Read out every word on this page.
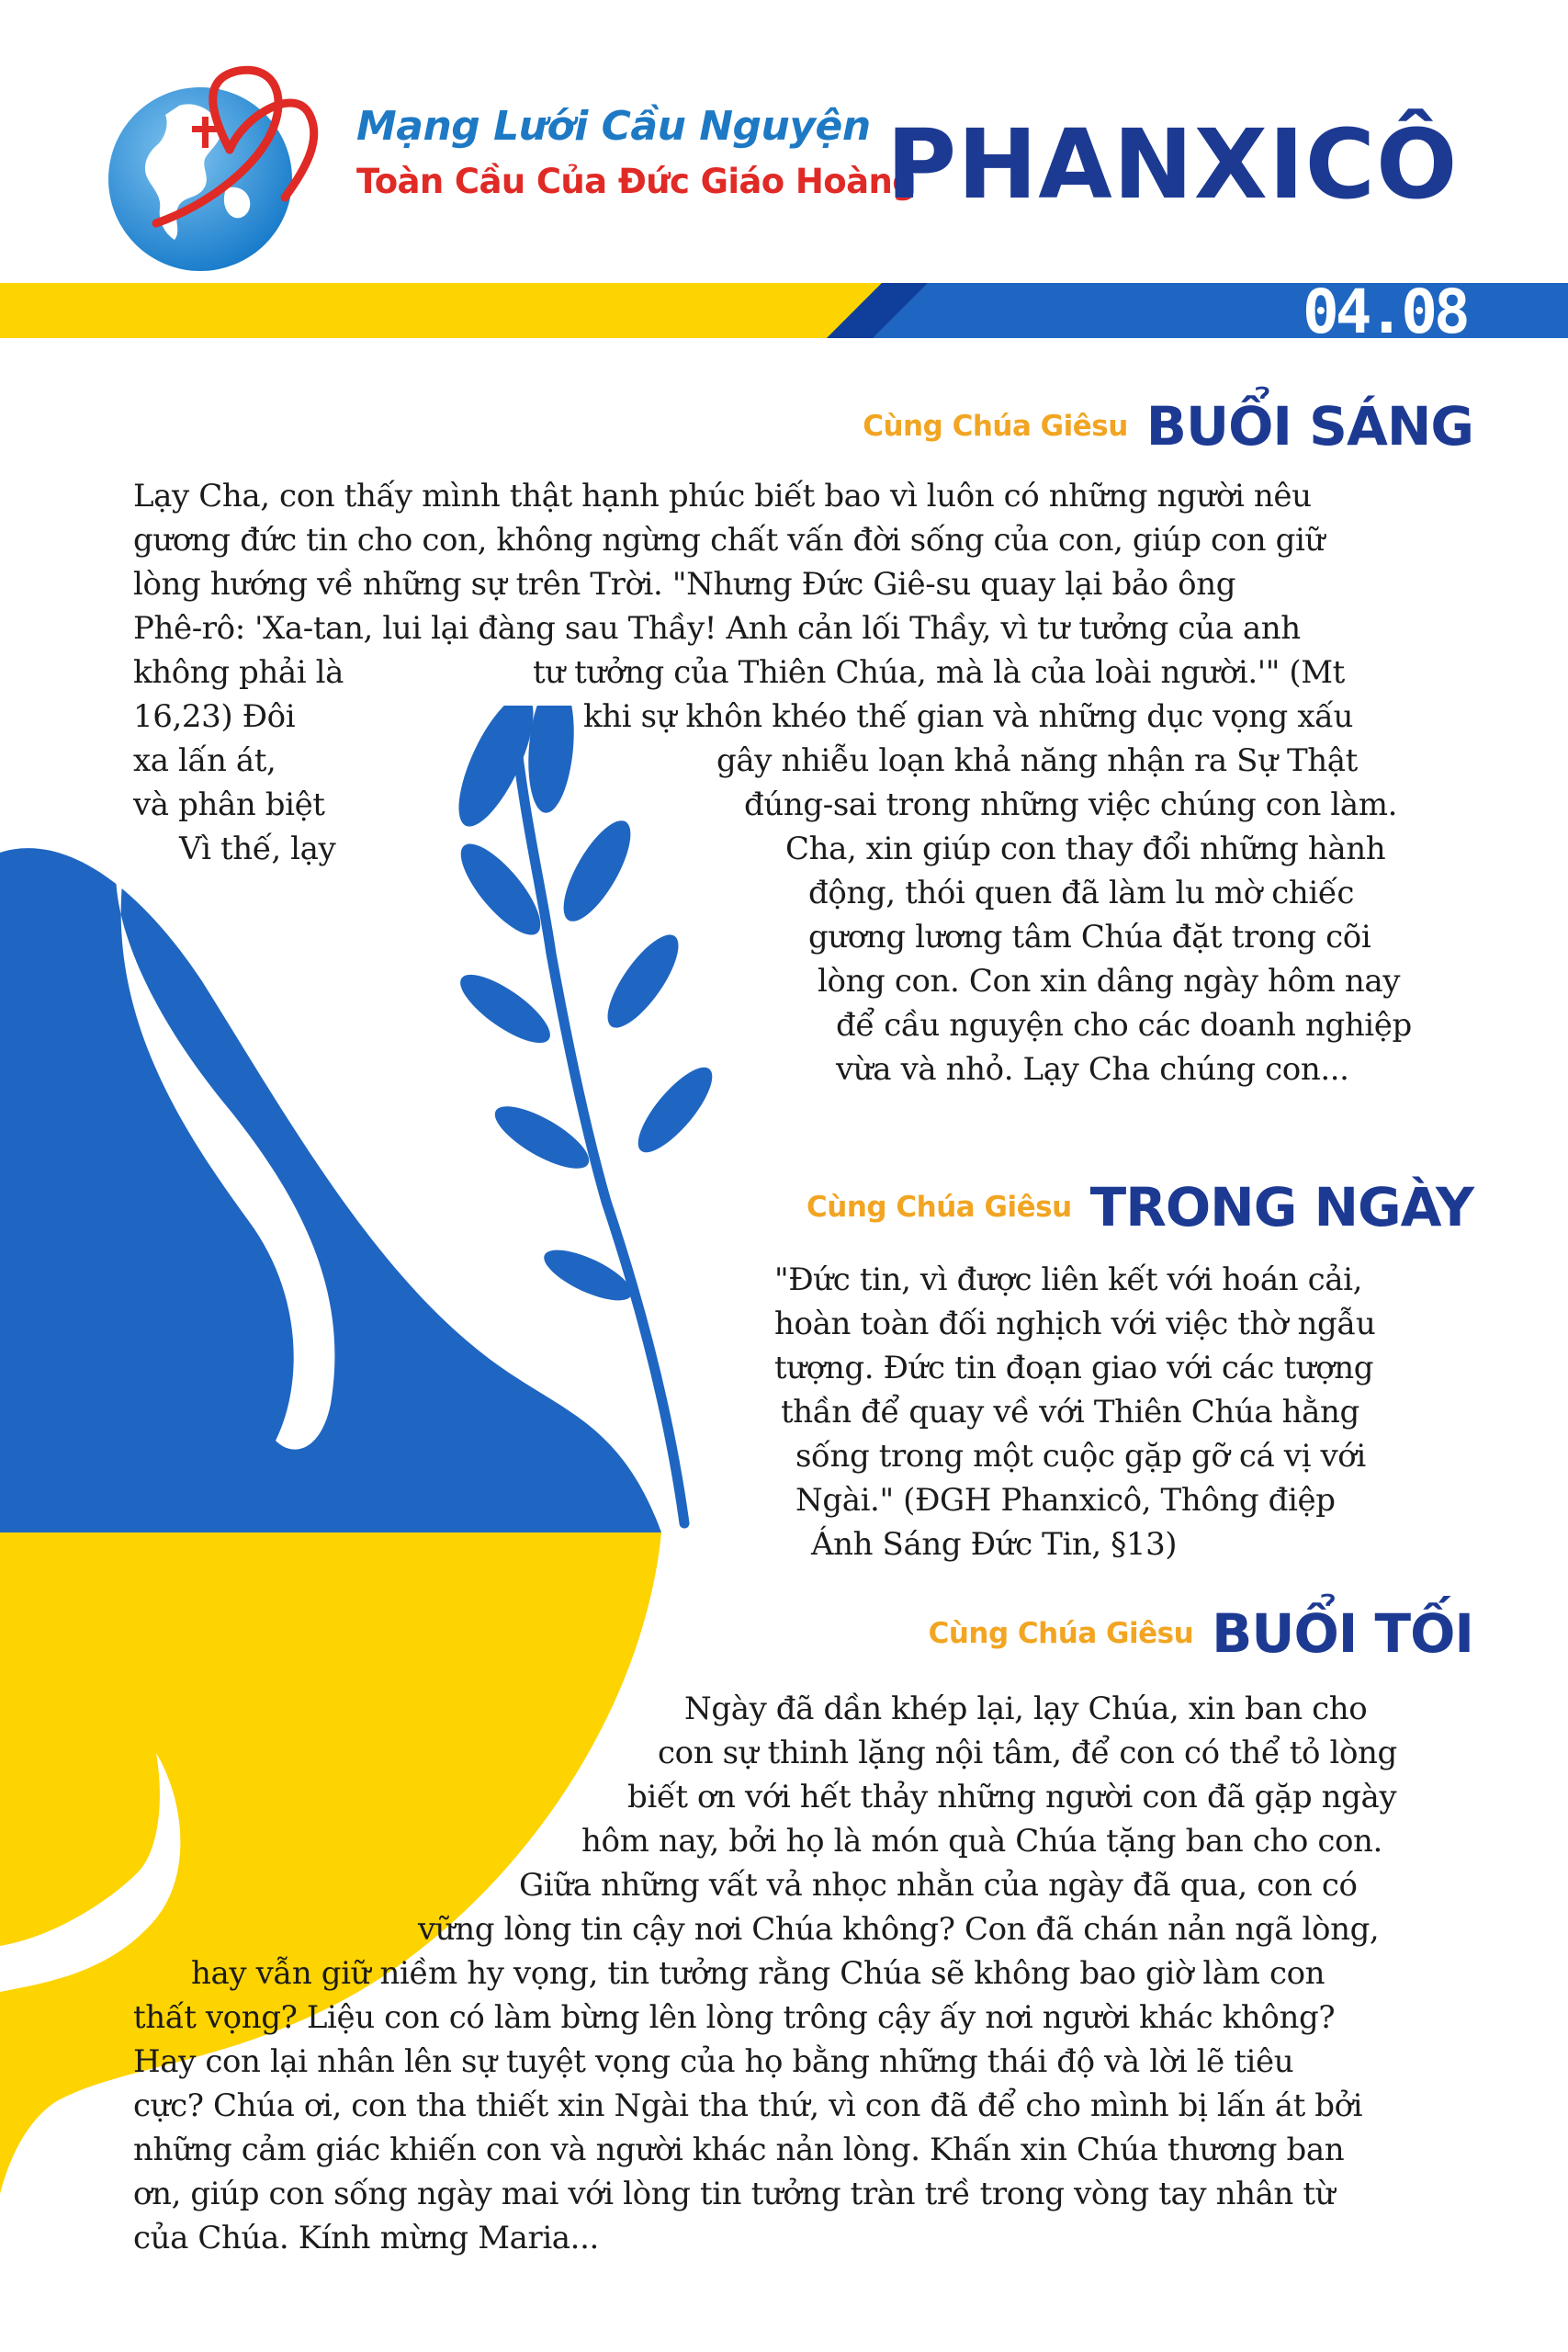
Mạng Lưới Cầu Nguyện
Toàn Cầu Của Đức Giáo Hoàng
PHANXICÔ
04.08
Cùng Chúa Giêsu BUỔI SÁNG
Cùng Chúa Giêsu TRONG NGÀY
Cùng Chúa Giêsu BUỔI TỐI
Lạy Cha, con thấy mình thật hạnh phúc biết bao vì luôn có những người nêu
gương đức tin cho con, không ngừng chất vấn đời sống của con, giúp con giữ
lòng hướng về những sự trên Trời. "Nhưng Đức Giê-su quay lại bảo ông
Phê-rô: 'Xa-tan, lui lại đàng sau Thầy! Anh cản lối Thầy, vì tư tưởng của anh
không phải là	tư tưởng của Thiên Chúa, mà là của loài người.'" (Mt
16,23) Đôi	khi sự khôn khéo thế gian và những dục vọng xấu
xa lấn át,	gây nhiễu loạn khả năng nhận ra Sự Thật
và phân biệt	đúng-sai trong những việc chúng con làm.
Vì thế, lạy	Cha, xin giúp con thay đổi những hành
động, thói quen đã làm lu mờ chiếc
gương lương tâm Chúa đặt trong cõi
lòng con. Con xin dâng ngày hôm nay
để cầu nguyện cho các doanh nghiệp
vừa và nhỏ. Lạy Cha chúng con...
"Đức tin, vì được liên kết với hoán cải,
hoàn toàn đối nghịch với việc thờ ngẫu
tượng. Đức tin đoạn giao với các tượng
thần để quay về với Thiên Chúa hằng
sống trong một cuộc gặp gỡ cá vị với
Ngài." (ĐGH Phanxicô, Thông điệp
Ánh Sáng Đức Tin, §13)
Ngày đã dần khép lại, lạy Chúa, xin ban cho
con sự thinh lặng nội tâm, để con có thể tỏ lòng
biết ơn với hết thảy những người con đã gặp ngày
hôm nay, bởi họ là món quà Chúa tặng ban cho con.
Giữa những vất vả nhọc nhằn của ngày đã qua, con có
vững lòng tin cậy nơi Chúa không? Con đã chán nản ngã lòng,
hay vẫn giữ niềm hy vọng, tin tưởng rằng Chúa sẽ không bao giờ làm con
thất vọng? Liệu con có làm bừng lên lòng trông cậy ấy nơi người khác không?
Hay con lại nhân lên sự tuyệt vọng của họ bằng những thái độ và lời lẽ tiêu
cực? Chúa ơi, con tha thiết xin Ngài tha thứ, vì con đã để cho mình bị lấn át bởi
những cảm giác khiến con và người khác nản lòng. Khấn xin Chúa thương ban
ơn, giúp con sống ngày mai với lòng tin tưởng tràn trề trong vòng tay nhân từ
của Chúa. Kính mừng Maria...
